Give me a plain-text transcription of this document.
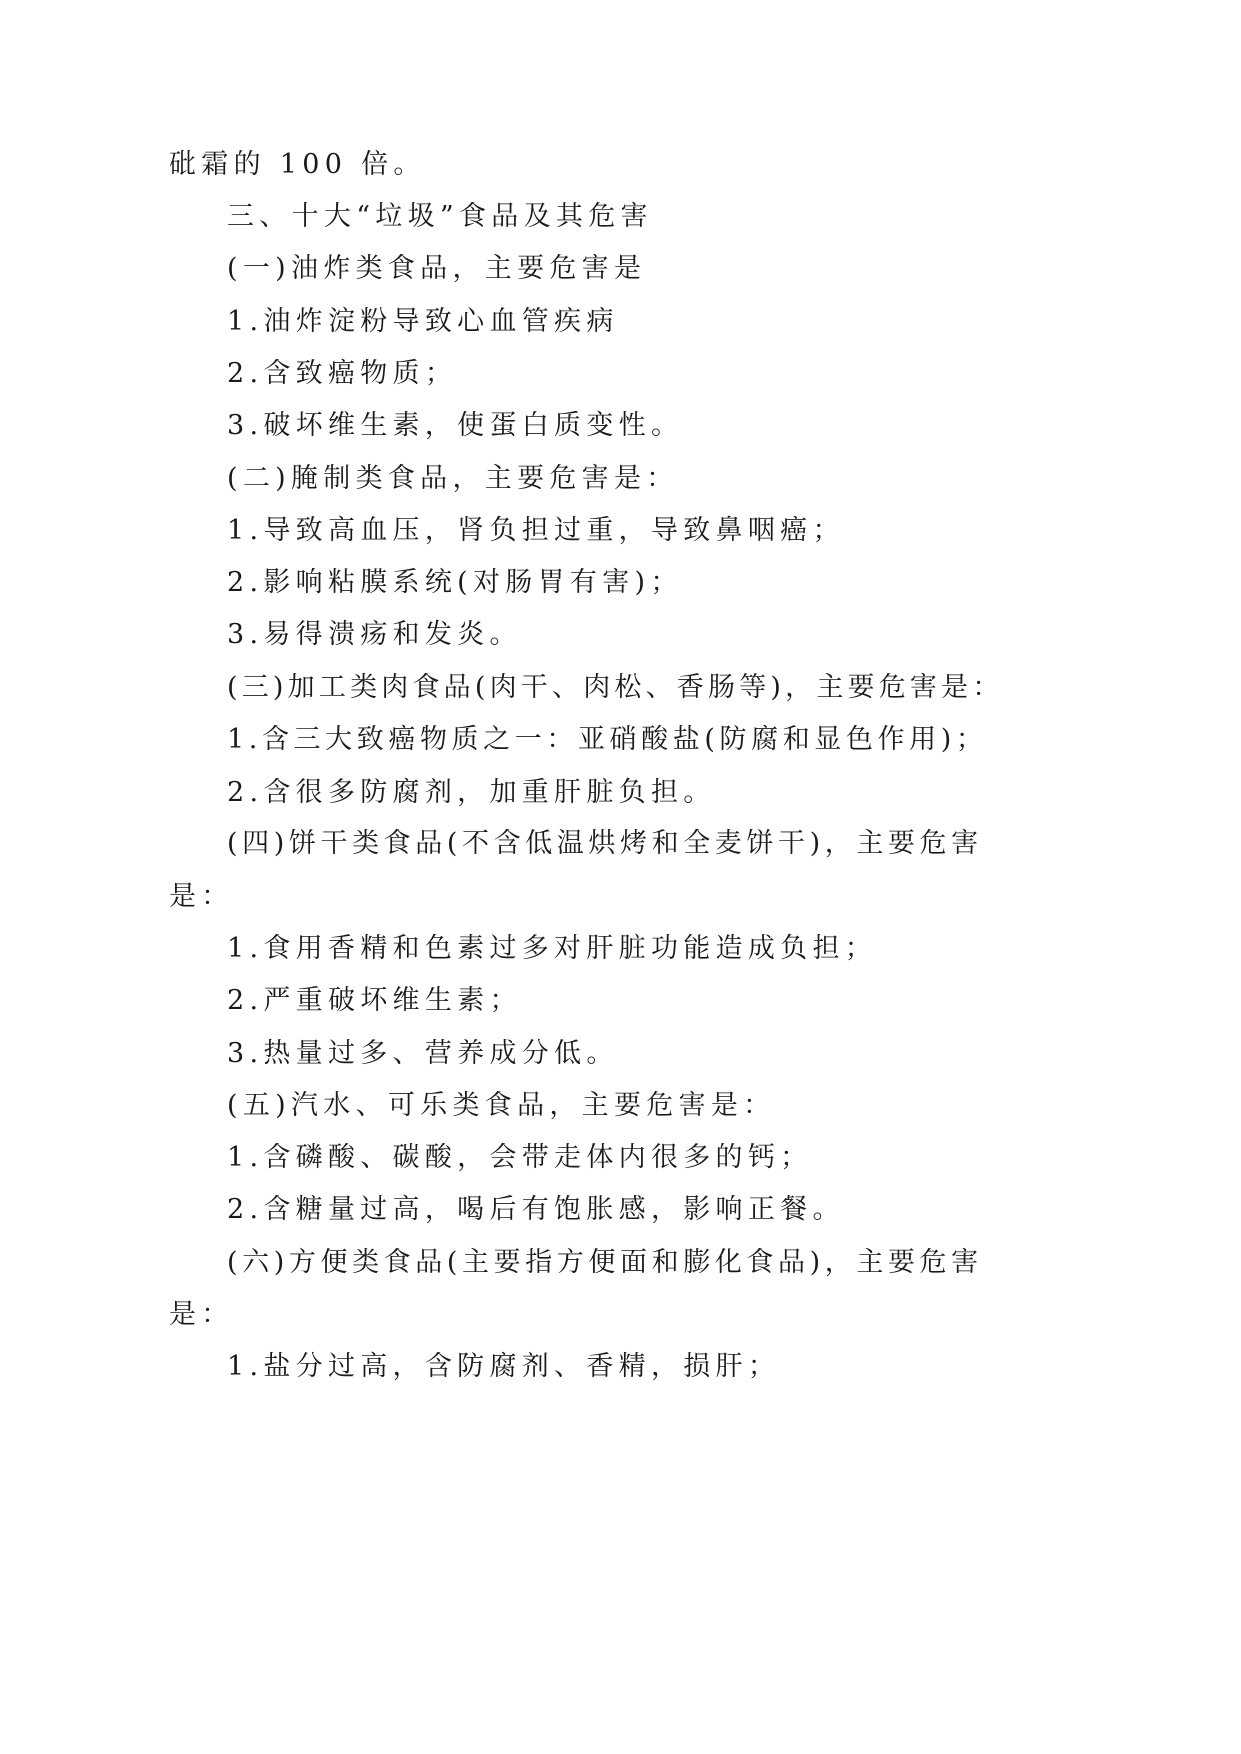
砒霜的 100 倍。
三、十大“垃圾”食品及其危害
(一)油炸类食品，主要危害是
1.油炸淀粉导致心血管疾病
2.含致癌物质；
3.破坏维生素，使蛋白质变性。
(二)腌制类食品，主要危害是：
1.导致高血压，肾负担过重，导致鼻咽癌；
2.影响粘膜系统(对肠胃有害)；
3.易得溃疡和发炎。
(三)加工类肉食品(肉干、肉松、香肠等)，主要危害是：
1.含三大致癌物质之一：亚硝酸盐(防腐和显色作用)；
2.含很多防腐剂，加重肝脏负担。
(四)饼干类食品(不含低温烘烤和全麦饼干)，主要危害
是：
1.食用香精和色素过多对肝脏功能造成负担；
2.严重破坏维生素；
3.热量过多、营养成分低。
(五)汽水、可乐类食品，主要危害是：
1.含磷酸、碳酸，会带走体内很多的钙；
2.含糖量过高，喝后有饱胀感，影响正餐。
(六)方便类食品(主要指方便面和膨化食品)，主要危害
是：
1.盐分过高，含防腐剂、香精，损肝；
